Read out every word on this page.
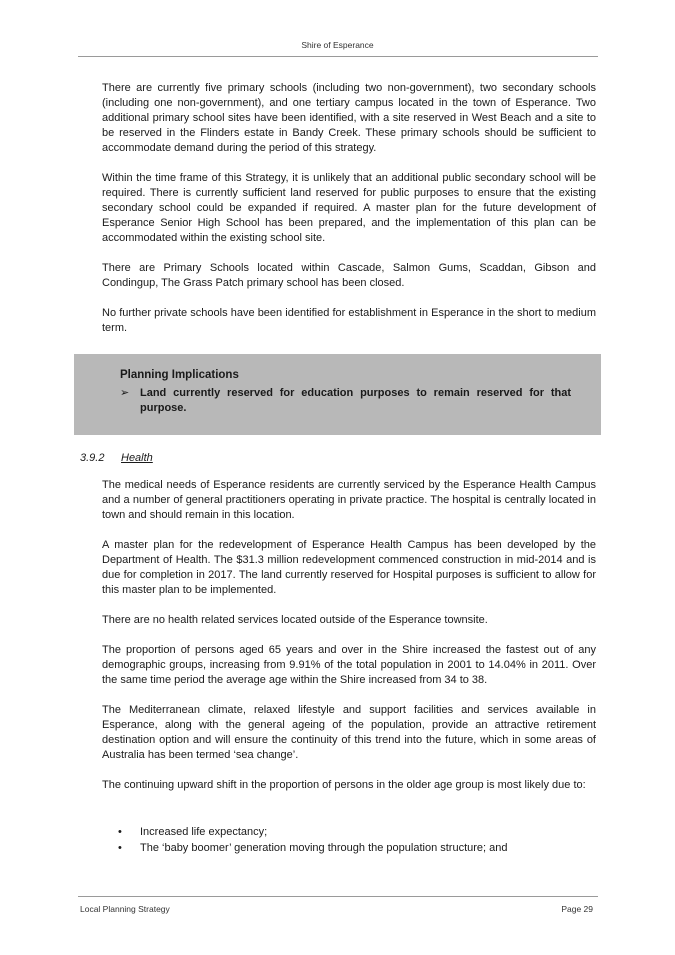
Shire of Esperance

There are currently five primary schools (including two non-government), two secondary schools (including one non-government), and one tertiary campus located in the town of Esperance. Two additional primary school sites have been identified, with a site reserved in West Beach and a site to be reserved in the Flinders estate in Bandy Creek. These primary schools should be sufficient to accommodate demand during the period of this strategy.

Within the time frame of this Strategy, it is unlikely that an additional public secondary school will be required. There is currently sufficient land reserved for public purposes to ensure that the existing secondary school could be expanded if required. A master plan for the future development of Esperance Senior High School has been prepared, and the implementation of this plan can be accommodated within the existing school site.

There are Primary Schools located within Cascade, Salmon Gums, Scaddan, Gibson and Condingup, The Grass Patch primary school has been closed.

No further private schools have been identified for establishment in Esperance in the short to medium term.

Planning Implications
➢ Land currently reserved for education purposes to remain reserved for that purpose.
3.9.2 Health

The medical needs of Esperance residents are currently serviced by the Esperance Health Campus and a number of general practitioners operating in private practice. The hospital is centrally located in town and should remain in this location.

A master plan for the redevelopment of Esperance Health Campus has been developed by the Department of Health. The $31.3 million redevelopment commenced construction in mid-2014 and is due for completion in 2017. The land currently reserved for Hospital purposes is sufficient to allow for this master plan to be implemented.

There are no health related services located outside of the Esperance townsite.

The proportion of persons aged 65 years and over in the Shire increased the fastest out of any demographic groups, increasing from 9.91% of the total population in 2001 to 14.04% in 2011. Over the same time period the average age within the Shire increased from 34 to 38.

The Mediterranean climate, relaxed lifestyle and support facilities and services available in Esperance, along with the general ageing of the population, provide an attractive retirement destination option and will ensure the continuity of this trend into the future, which in some areas of Australia has been termed ‘sea change’.

The continuing upward shift in the proportion of persons in the older age group is most likely due to:

•	Increased life expectancy;
•	The ‘baby boomer’ generation moving through the population structure; and
Local Planning Strategy	Page 29
